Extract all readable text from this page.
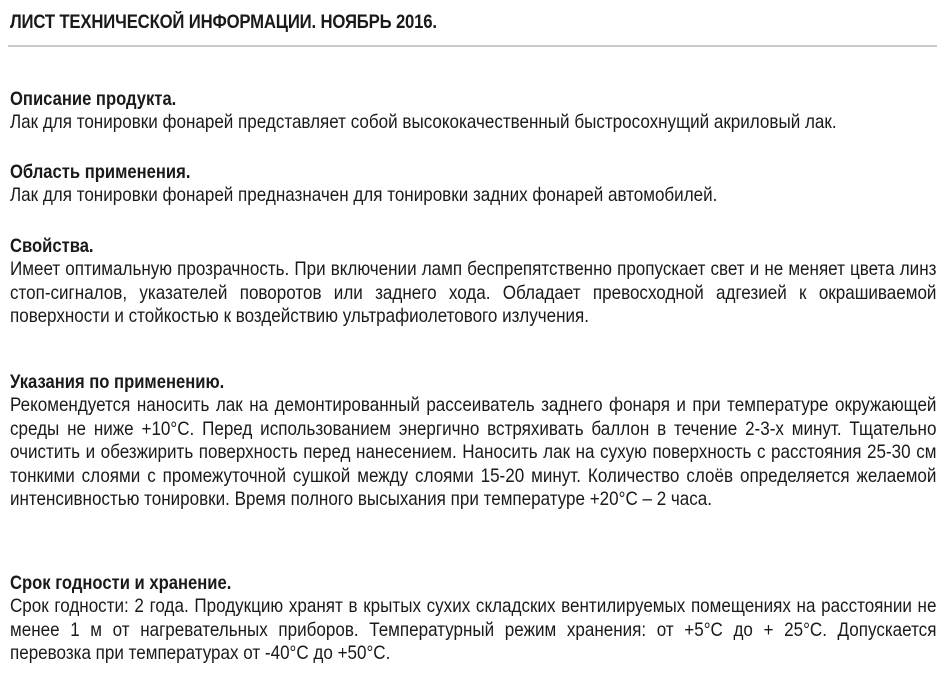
ЛИСТ ТЕХНИЧЕСКОЙ ИНФОРМАЦИИ. НОЯБРЬ 2016.
Описание продукта.

Лак для тонировки фонарей представляет собой высококачественный быстросохнущий акриловый лак.

Область применения.

Лак для тонировки фонарей предназначен для тонировки задних фонарей автомобилей.

Свойства.

Имеет оптимальную прозрачность. При включении ламп беспрепятственно пропускает свет и не меняет цвета линз стоп-сигналов, указателей поворотов или заднего хода. Обладает превосходной адгезией к окрашиваемой поверхности и стойкостью к воздействию ультрафиолетового излучения.

Указания по применению.

Рекомендуется наносить лак на демонтированный рассеиватель заднего фонаря и при температуре окружающей среды не ниже +10°С. Перед использованием энергично встряхивать баллон в течение 2-3-х минут. Тщательно очистить и обезжирить поверхность перед нанесением. Наносить лак на сухую поверхность с расстояния 25-30 см тонкими слоями с промежуточной сушкой между слоями 15-20 минут. Количество слоёв определяется желаемой интенсивностью тонировки. Время полного высыхания при температуре +20°С – 2 часа.

Срок годности и хранение.

Срок годности: 2 года. Продукцию хранят в крытых сухих складских вентилируемых помещениях на расстоянии не менее 1 м от нагревательных приборов. Температурный режим хранения: от +5°С до + 25°С. Допускается перевозка при температурах от -40°С до +50°С.
